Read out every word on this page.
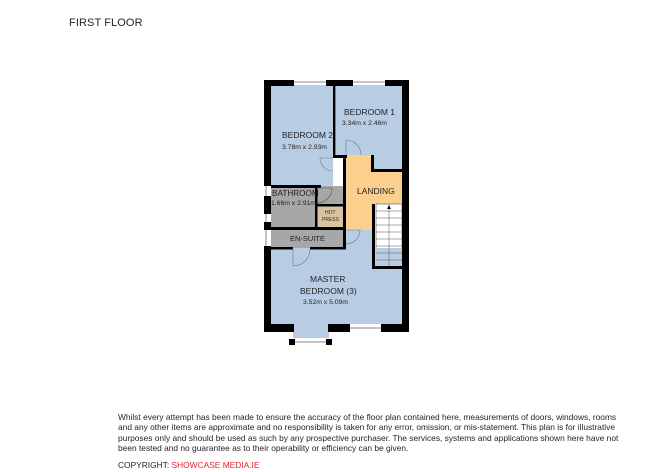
FIRST FLOOR
BEDROOM 1
3.34m x 2.46m
BEDROOM 2
3.78m x 2.93m
BATHROOM
1.66m x 2.91m
HOT
PRESS
LANDING
EN-SUITE
MASTER
BEDROOM (3)
3.52m x 5.09m
Whilst every attempt has been made to ensure the accuracy of the floor plan contained here, measurements of doors, windows, rooms and any other items are approximate and no responsibility is taken for any error, omission, or mis-statement. This plan is for illustrative purposes only and should be used as such by any prospective purchaser. The services, systems and applications shown here have not been tested and no guarantee as to their operability or efficiency can be given.
COPYRIGHT: SHOWCASE MEDIA.IE
